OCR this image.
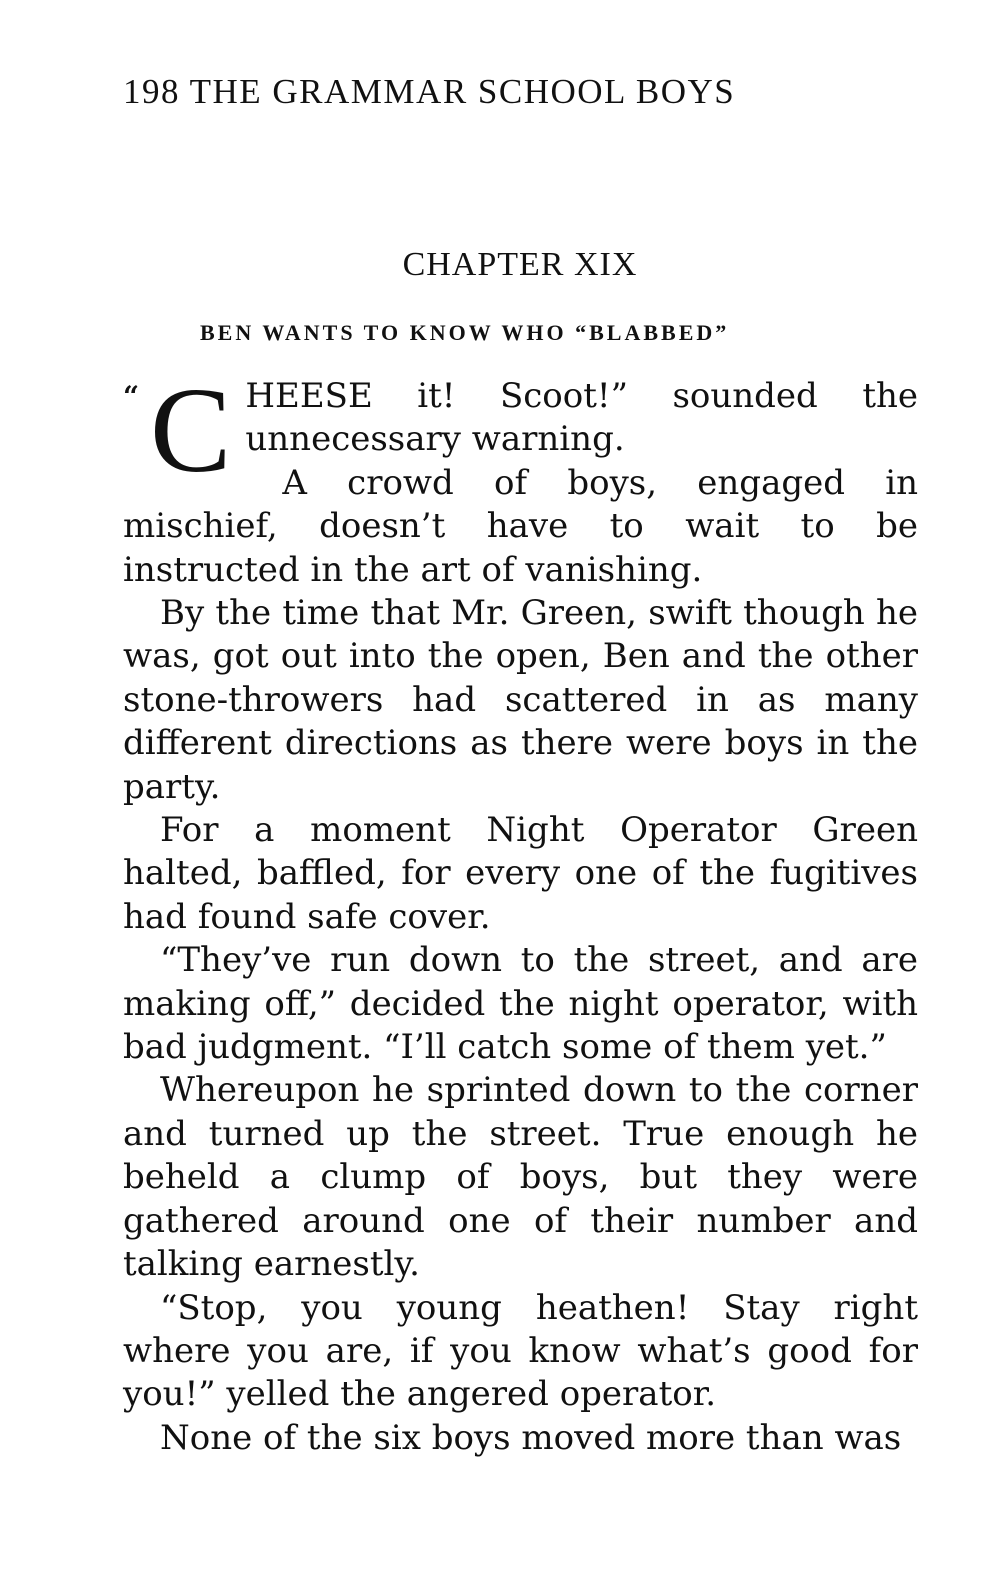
198 THE GRAMMAR SCHOOL BOYS
CHAPTER XIX
BEN WANTS TO KNOW WHO “BLABBED”
“ C HEESE it! Scoot!” sounded the unnecessary warning.

A crowd of boys, engaged in mischief, doesn’t have to wait to be instructed in the art of vanishing.

By the time that Mr. Green, swift though he was, got out into the open, Ben and the other stone-throwers had scattered in as many different directions as there were boys in the party.

For a moment Night Operator Green halted, baffled, for every one of the fugitives had found safe cover.

“They’ve run down to the street, and are making off,” decided the night operator, with bad judgment. “I’ll catch some of them yet.”

Whereupon he sprinted down to the corner and turned up the street. True enough he beheld a clump of boys, but they were gathered around one of their number and talking earnestly.

“Stop, you young heathen! Stay right where you are, if you know what’s good for you!” yelled the angered operator.

None of the six boys moved more than was
